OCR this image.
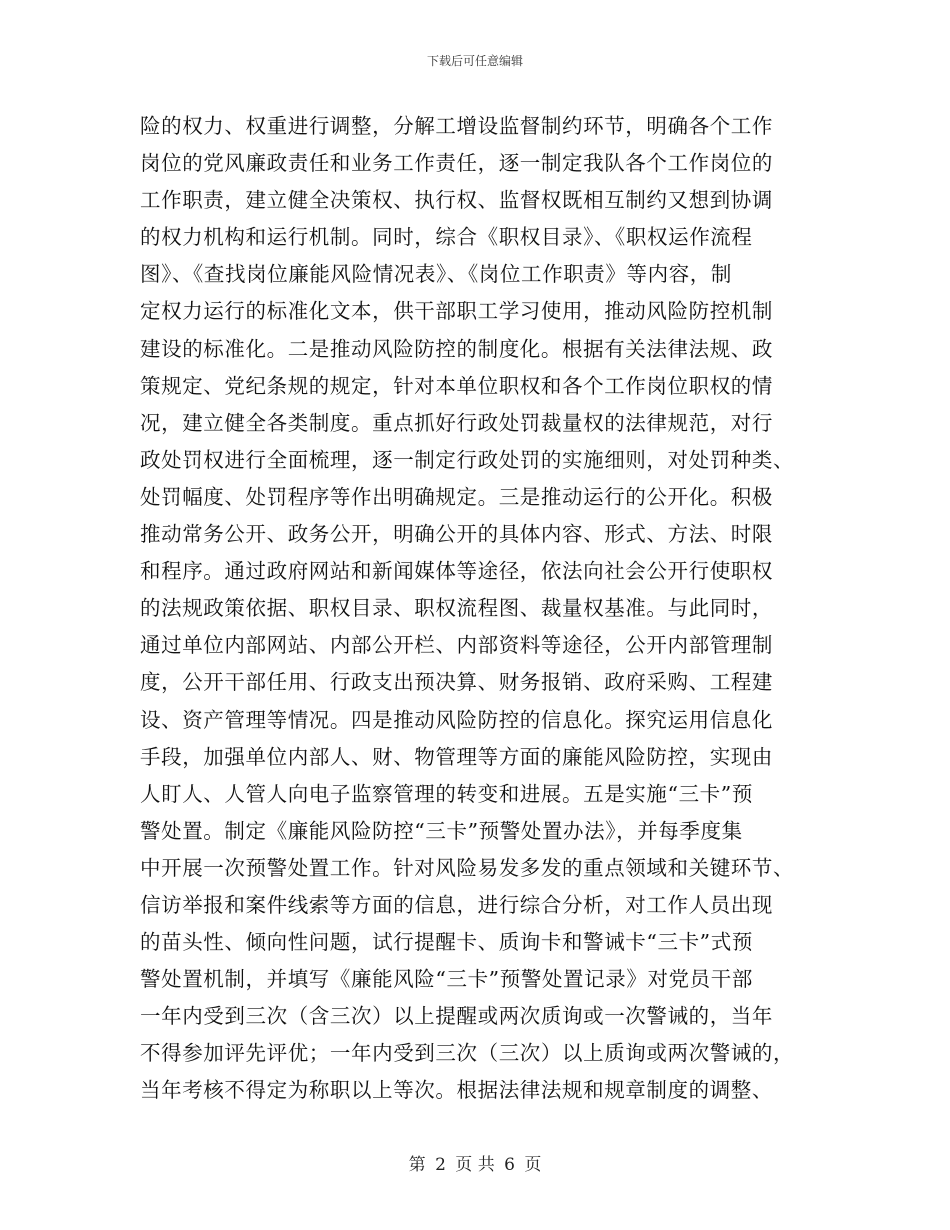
下载后可任意编辑
险的权力、权重进行调整，分解工增设监督制约环节，明确各个工作
岗位的党风廉政责任和业务工作责任，逐一制定我队各个工作岗位的
工作职责，建立健全决策权、执行权、监督权既相互制约又想到协调
的权力机构和运行机制。同时，综合《职权目录》、《职权运作流程
图》、《查找岗位廉能风险情况表》、《岗位工作职责》等内容，制
定权力运行的标准化文本，供干部职工学习使用，推动风险防控机制
建设的标准化。二是推动风险防控的制度化。根据有关法律法规、政
策规定、党纪条规的规定，针对本单位职权和各个工作岗位职权的情
况，建立健全各类制度。重点抓好行政处罚裁量权的法律规范，对行
政处罚权进行全面梳理，逐一制定行政处罚的实施细则，对处罚种类、
处罚幅度、处罚程序等作出明确规定。三是推动运行的公开化。积极
推动常务公开、政务公开，明确公开的具体内容、形式、方法、时限
和程序。通过政府网站和新闻媒体等途径，依法向社会公开行使职权
的法规政策依据、职权目录、职权流程图、裁量权基准。与此同时，
通过单位内部网站、内部公开栏、内部资料等途径，公开内部管理制
度，公开干部任用、行政支出预决算、财务报销、政府采购、工程建
设、资产管理等情况。四是推动风险防控的信息化。探究运用信息化
手段，加强单位内部人、财、物管理等方面的廉能风险防控，实现由
人盯人、人管人向电子监察管理的转变和进展。五是实施“三卡”预
警处置。制定《廉能风险防控“三卡”预警处置办法》，并每季度集
中开展一次预警处置工作。针对风险易发多发的重点领域和关键环节、
信访举报和案件线索等方面的信息，进行综合分析，对工作人员出现
的苗头性、倾向性问题，试行提醒卡、质询卡和警诫卡“三卡”式预
警处置机制，并填写《廉能风险“三卡”预警处置记录》对党员干部
一年内受到三次（含三次）以上提醒或两次质询或一次警诫的，当年
不得参加评先评优；一年内受到三次（三次）以上质询或两次警诫的，
当年考核不得定为称职以上等次。根据法律法规和规章制度的调整、
第 2 页 共 6 页
